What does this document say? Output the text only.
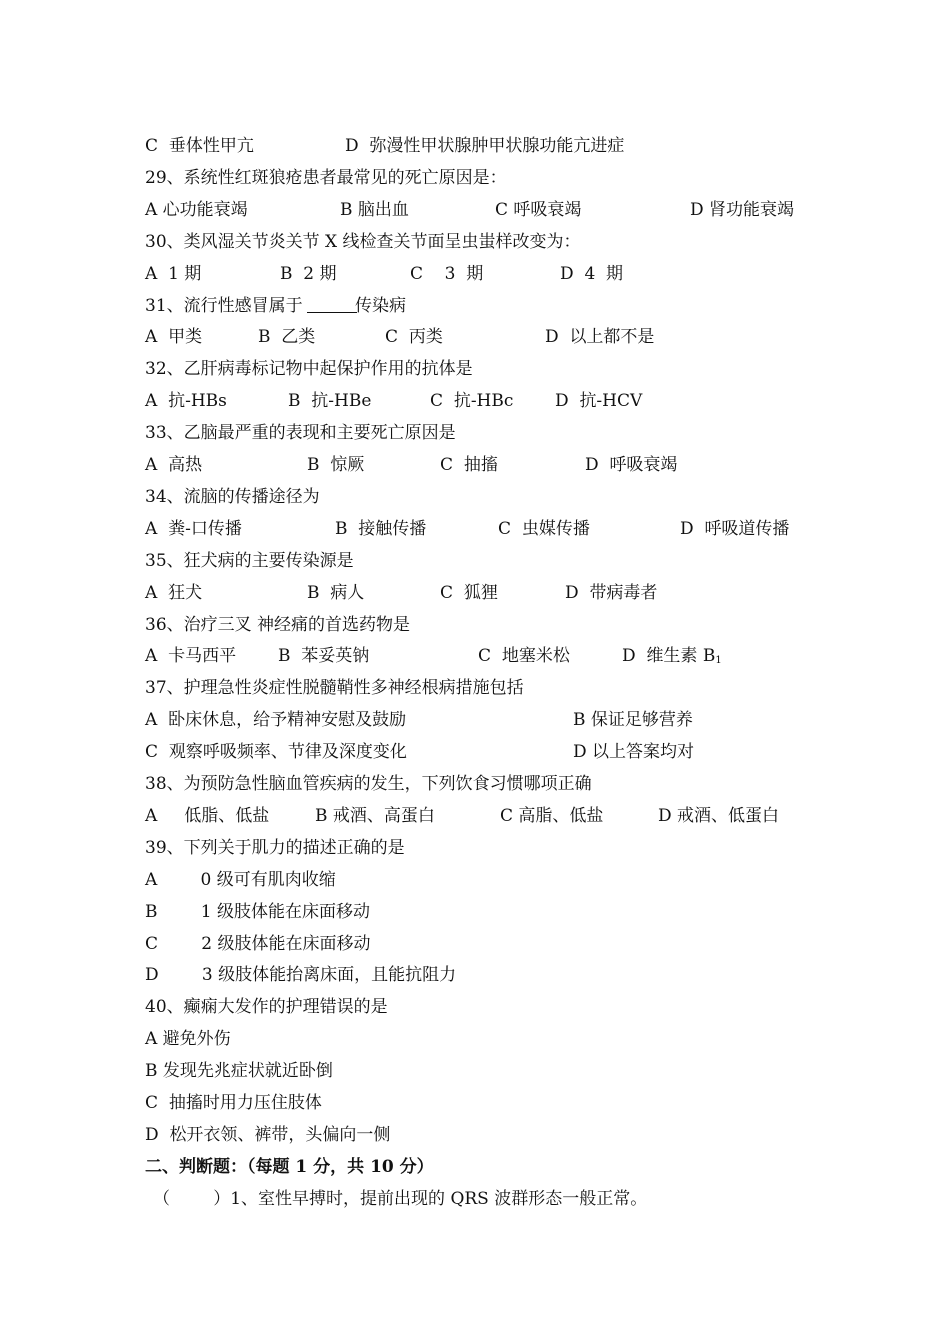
C  垂体性甲亢	D  弥漫性甲状腺肿甲状腺功能亢进症
29、系统性红斑狼疮患者最常见的死亡原因是：
A 心功能衰竭	B 脑出血	C 呼吸衰竭	D 肾功能衰竭
30、类风湿关节炎关节 X 线检查关节面呈虫蚩样改变为：
A  1 期	B  2 期	C    3  期	D  4  期
31、流行性感冒属于	传染病
A  甲类	B  乙类	C  丙类	D  以上都不是
32、乙肝病毒标记物中起保护作用的抗体是
A  抗-HBs	B  抗-HBe	C  抗-HBc D  抗-HCV
33、乙脑最严重的表现和主要死亡原因是
A  高热	B  惊厥	C  抽搐	D  呼吸衰竭
34、流脑的传播途径为
A  粪-口传播	B  接触传播	C  虫媒传播	D  呼吸道传播
35、狂犬病的主要传染源是
A  狂犬	B  病人	C  狐狸	D  带病毒者
36、治疗三叉 神经痛的首选药物是
A  卡马西平 B  苯妥英钠	C  地塞米松	D  维生素 $B_1$
37、护理急性炎症性脱髓鞘性多神经根病措施包括
A  卧床休息，给予精神安慰及鼓励	B 保证足够营养
C  观察呼吸频率、节律及深度变化	D 以上答案均对
38、为预防急性脑血管疾病的发生，下列饮食习惯哪项正确
A     低脂、低盐	B 戒酒、高蛋白	C 高脂、低盐	D 戒酒、低蛋白
39、下列关于肌力的描述正确的是
A        0 级可有肌肉收缩
B        1 级肢体能在床面移动
C        2 级肢体能在床面移动
D        3 级肢体能抬离床面，且能抗阻力
40、癫痫大发作的护理错误的是
A 避免外伤
B 发现先兆症状就近卧倒
C  抽搐时用力压住肢体
D  松开衣领、裤带，头偏向一侧
二、判断题：（每题 1 分，共 10 分）
（        ）1、室性早搏时，提前出现的 QRS 波群形态一般正常。
